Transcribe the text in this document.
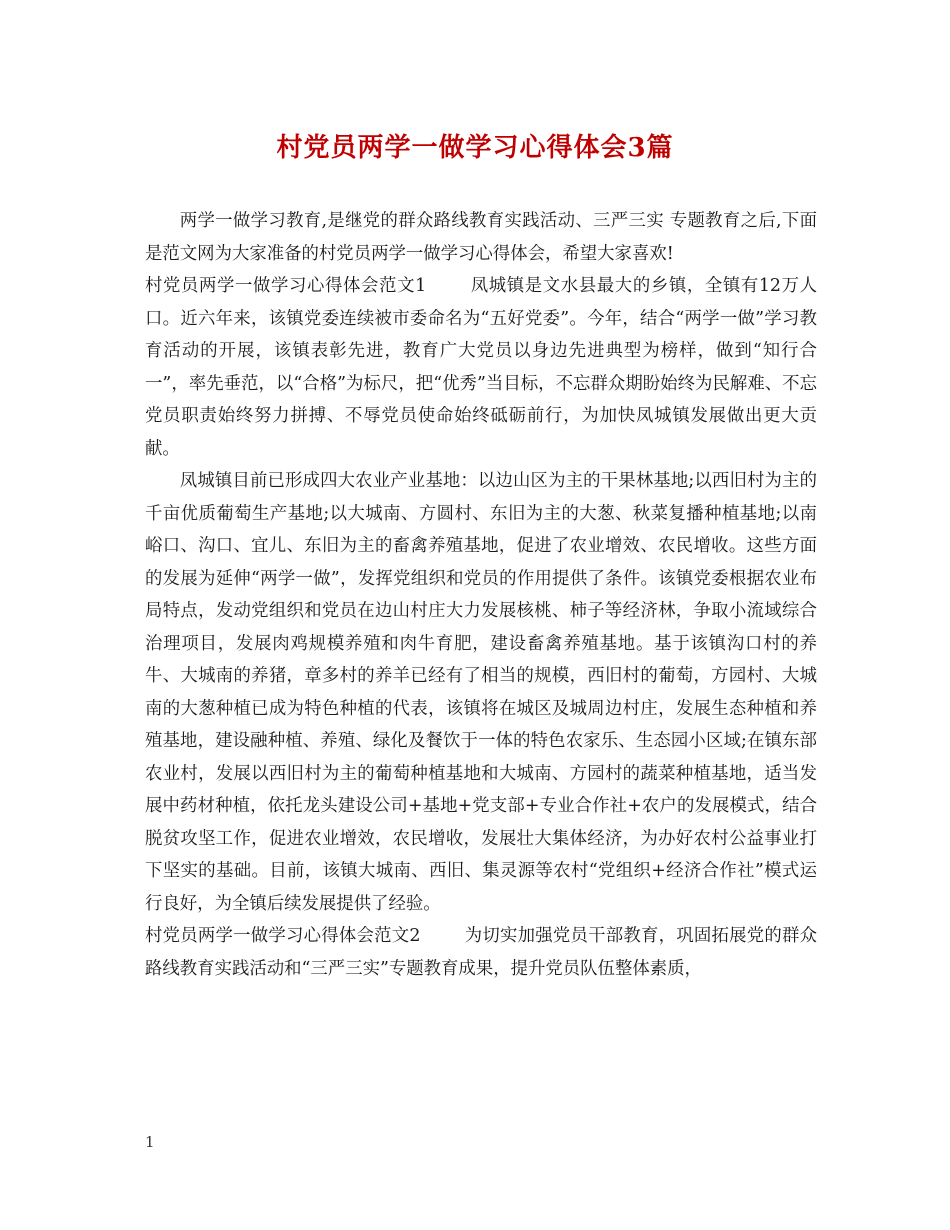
村党员两学一做学习心得体会3篇

两学一做学习教育,是继党的群众路线教育实践活动、三严三实 专题教育之后,下面是范文网为大家准备的村党员两学一做学习心得体会，希望大家喜欢!

村党员两学一做学习心得体会范文1	凤城镇是文水县最大的乡镇，全镇有12万人口。近六年来，该镇党委连续被市委命名为“五好党委”。今年，结合“两学一做”学习教育活动的开展，该镇表彰先进，教育广大党员以身边先进典型为榜样，做到“知行合一”，率先垂范，以“合格”为标尺，把“优秀”当目标，不忘群众期盼始终为民解难、不忘党员职责始终努力拼搏、不辱党员使命始终砥砺前行，为加快凤城镇发展做出更大贡献。

凤城镇目前已形成四大农业产业基地：以边山区为主的干果林基地;以西旧村为主的千亩优质葡萄生产基地;以大城南、方圆村、东旧为主的大葱、秋菜复播种植基地;以南峪口、沟口、宜儿、东旧为主的畜禽养殖基地，促进了农业增效、农民增收。这些方面的发展为延伸“两学一做”，发挥党组织和党员的作用提供了条件。该镇党委根据农业布局特点，发动党组织和党员在边山村庄大力发展核桃、柿子等经济林，争取小流域综合治理项目，发展肉鸡规模养殖和肉牛育肥，建设畜禽养殖基地。基于该镇沟口村的养牛、大城南的养猪，章多村的养羊已经有了相当的规模，西旧村的葡萄，方园村、大城南的大葱种植已成为特色种植的代表，该镇将在城区及城周边村庄，发展生态种植和养殖基地，建设融种植、养殖、绿化及餐饮于一体的特色农家乐、生态园小区域;在镇东部农业村，发展以西旧村为主的葡萄种植基地和大城南、方园村的蔬菜种植基地，适当发展中药材种植，依托龙头建设公司+基地+党支部+专业合作社+农户的发展模式，结合脱贫攻坚工作，促进农业增效，农民增收，发展壮大集体经济，为办好农村公益事业打下坚实的基础。目前，该镇大城南、西旧、集灵源等农村“党组织+经济合作社”模式运行良好，为全镇后续发展提供了经验。

村党员两学一做学习心得体会范文2	为切实加强党员干部教育，巩固拓展党的群众路线教育实践活动和“三严三实”专题教育成果，提升党员队伍整体素质，

1
